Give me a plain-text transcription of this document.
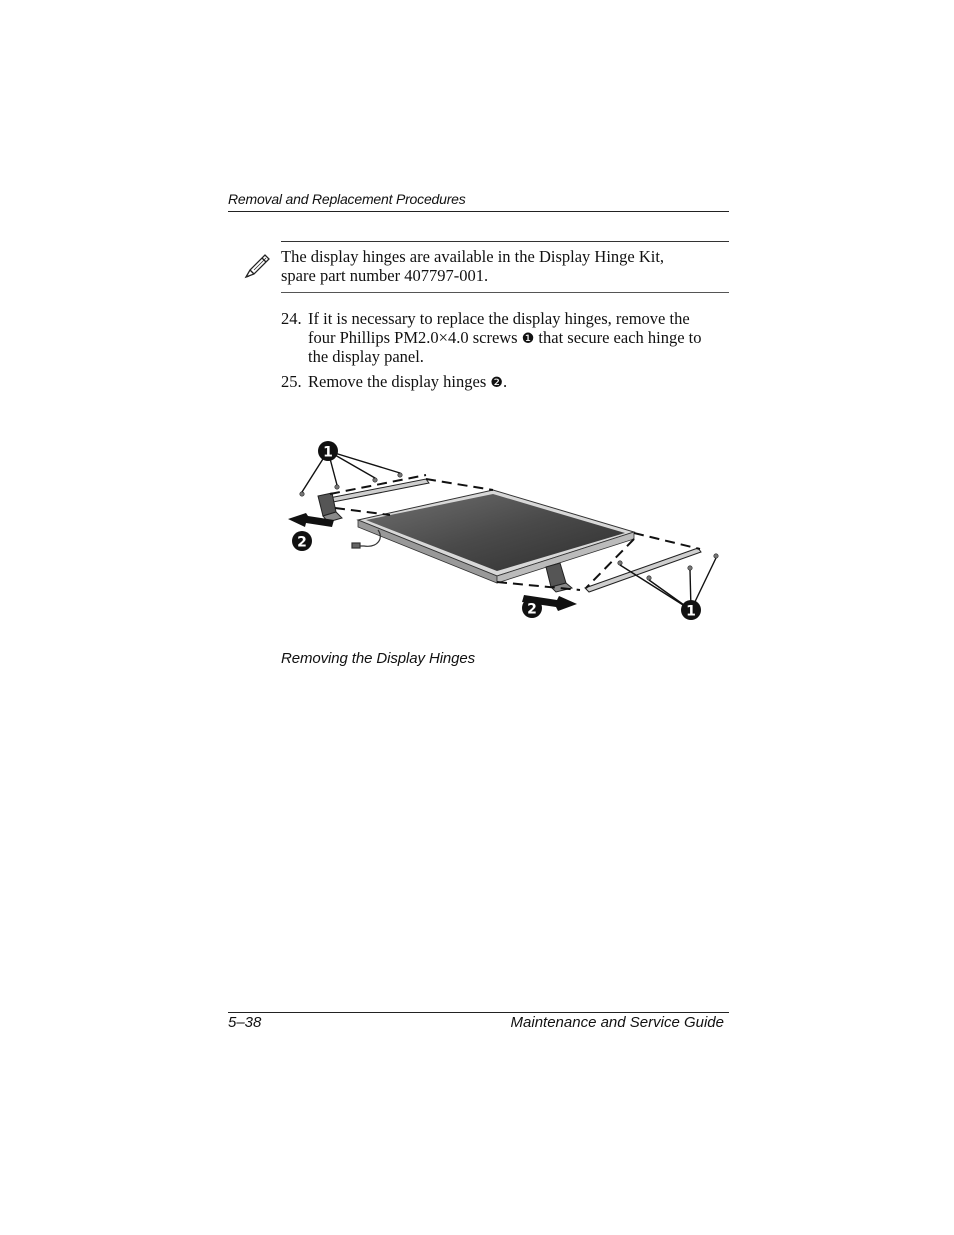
Removal and Replacement Procedures
The display hinges are available in the Display Hinge Kit,
spare part number 407797-001.
24. If it is necessary to replace the display hinges, remove the
four Phillips PM2.0×4.0 screws ❶ that secure each hinge to
the display panel.
25. Remove the display hinges ❷.
1
2
2	1
Removing the Display Hinges
5–38	Maintenance and Service Guide
